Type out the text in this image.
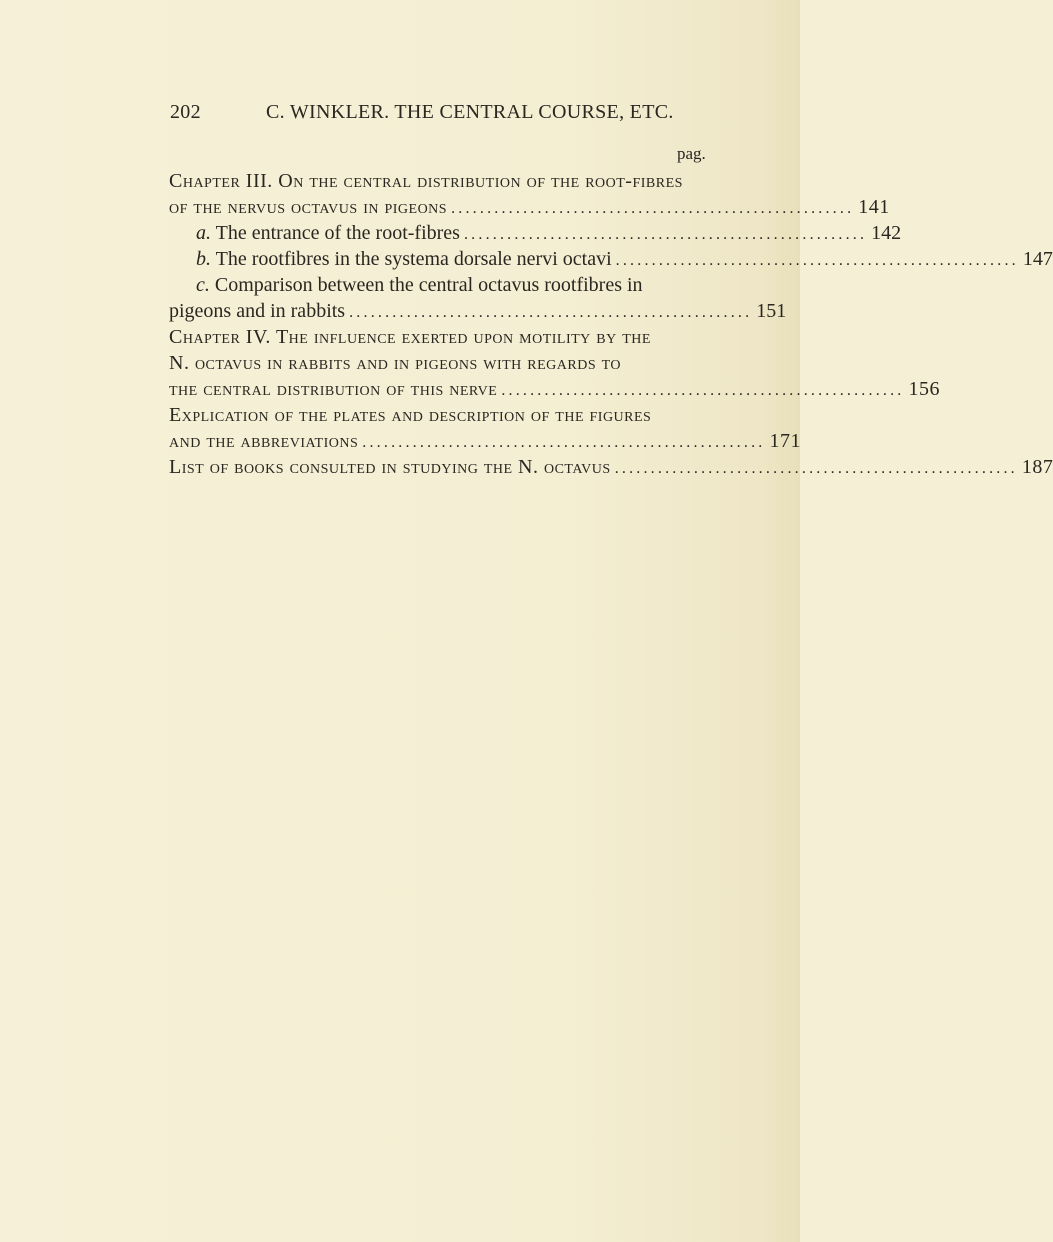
202	C. WINKLER. THE CENTRAL COURSE, ETC.
pag.
Chapter III. On the central distribution of the root-fibres
of the nervus octavus in pigeons ........................................................ 141
a. The entrance of the root-fibres ........................................................ 142
b. The rootfibres in the systema dorsale nervi octavi ........................................................ 147
c. Comparison between the central octavus rootfibres in
pigeons and in rabbits ........................................................ 151
Chapter IV. The influence exerted upon motility by the
N. octavus in rabbits and in pigeons with regards to
the central distribution of this nerve ........................................................ 156
Explication of the plates and description of the figures
and the abbreviations ........................................................ 171
List of books consulted in studying the N. octavus ........................................................ 187
